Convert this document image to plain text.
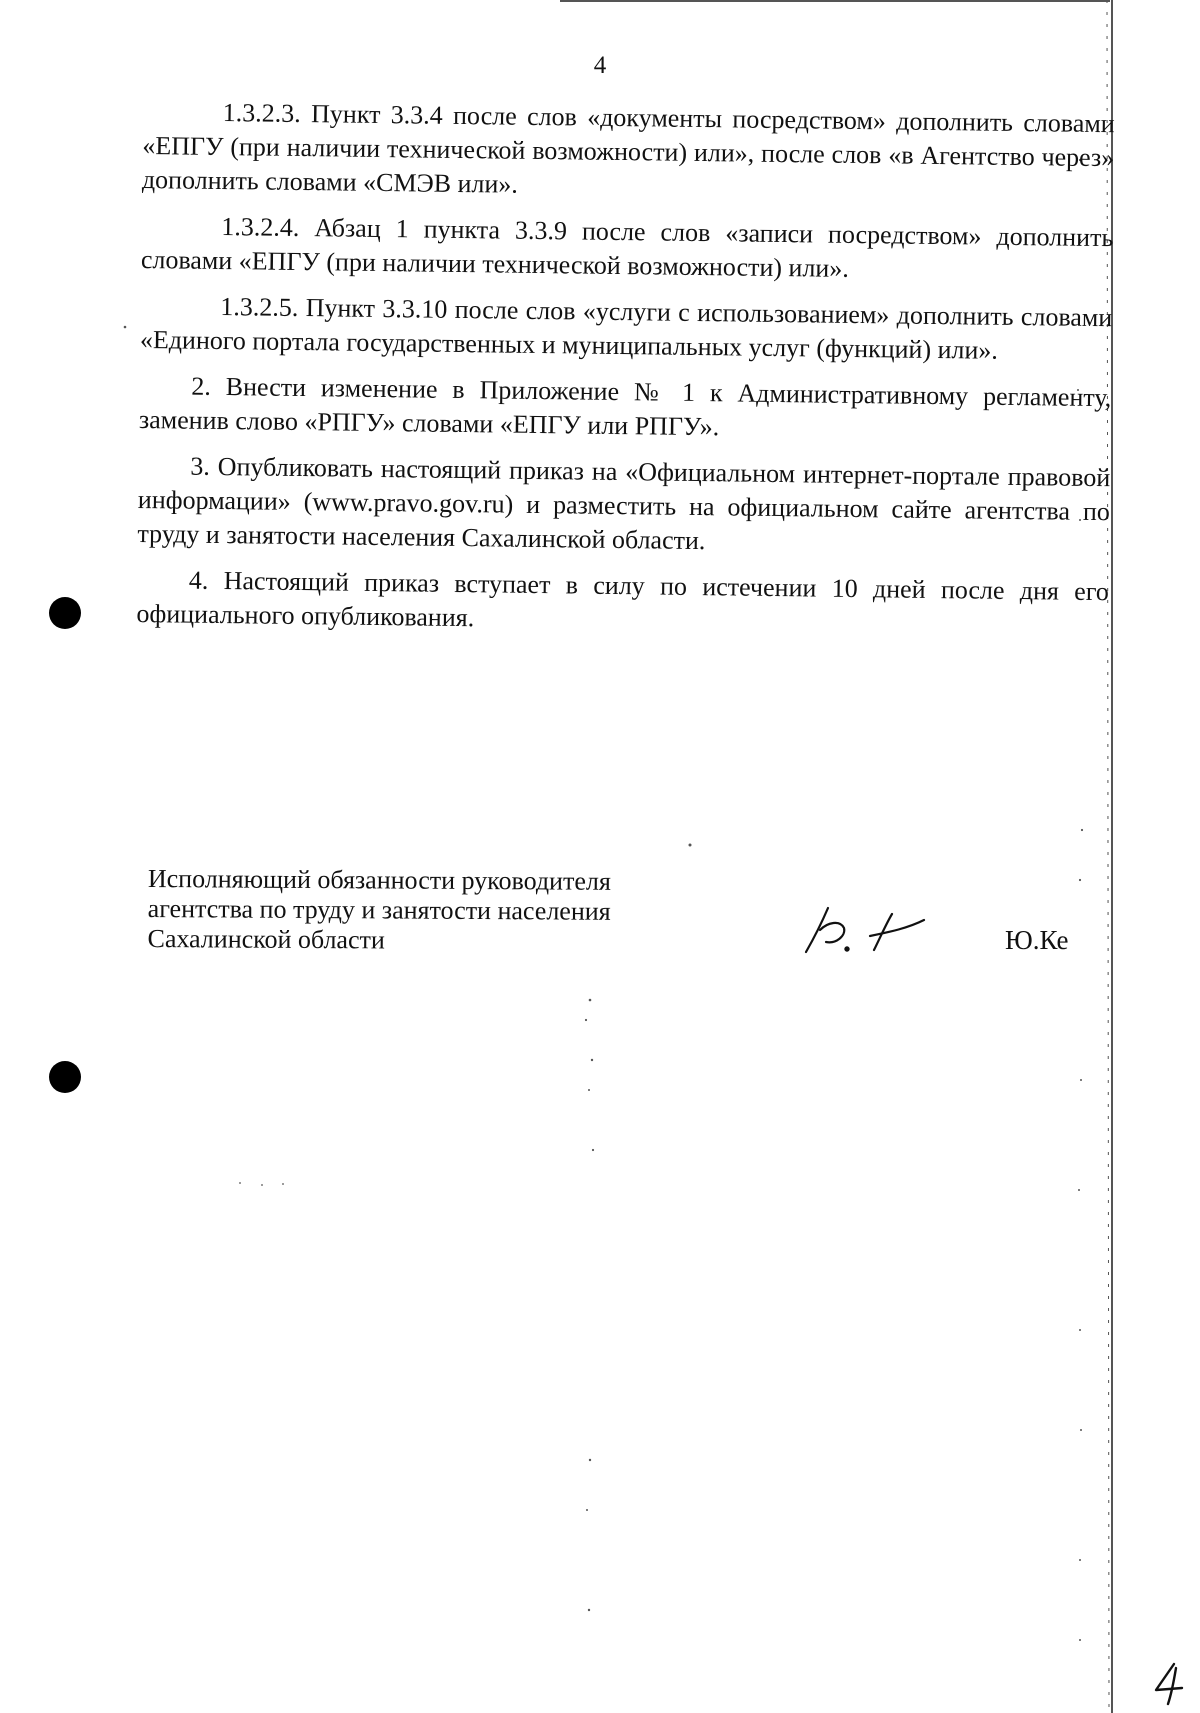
4

1.3.2.3. Пункт 3.3.4 после слов «документы посредством» дополнить словами «ЕПГУ (при наличии технической возможности) или», после слов «в Агентство через» дополнить словами «СМЭВ или».

1.3.2.4. Абзац 1 пункта 3.3.9 после слов «записи посредством» дополнить словами «ЕПГУ (при наличии технической возможности) или».

1.3.2.5. Пункт 3.3.10 после слов «услуги с использованием» дополнить словами «Единого портала государственных и муниципальных услуг (функций) или».

2. Внести изменение в Приложение № 1 к Административному регламенту, заменив слово «РПГУ» словами «ЕПГУ или РПГУ».

3. Опубликовать настоящий приказ на «Официальном интернет-портале правовой информации» (www.pravo.gov.ru) и разместить на официальном сайте агентства по труду и занятости населения Сахалинской области.

4. Настоящий приказ вступает в силу по истечении 10 дней после дня его официального опубликования.

Исполняющий обязанности руководителя
агентства по труду и занятости населения
Сахалинской области	Ю.Ке
